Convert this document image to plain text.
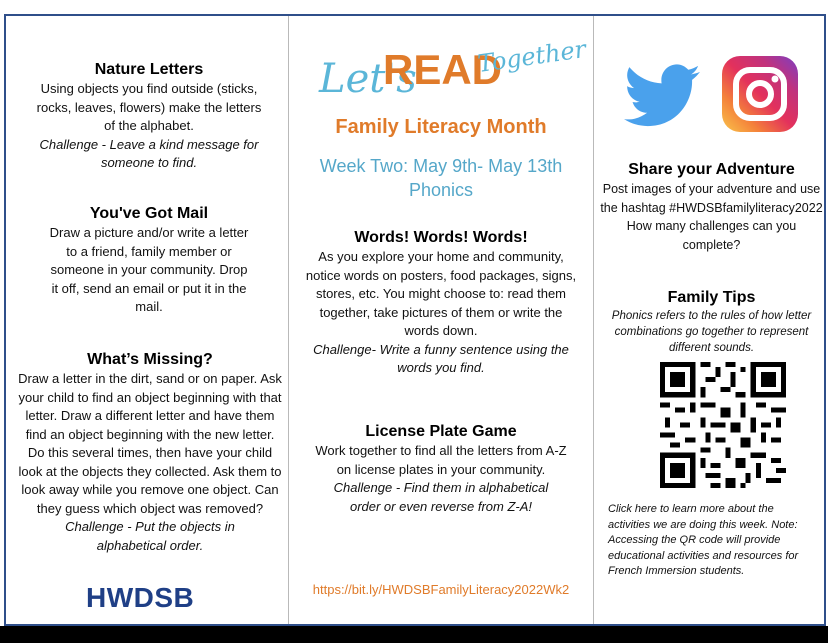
Nature Letters
Using objects you find outside (sticks, rocks, leaves, flowers) make the letters of the alphabet.
Challenge - Leave a kind message for someone to find.
You've Got Mail
Draw a picture and/or write a letter to a friend, family member or someone in your community. Drop it off, send an email or put it in the mail.
What’s Missing?
Draw a letter in the dirt, sand or on paper. Ask your child to find an object beginning with that letter. Draw a different letter and have them find an object beginning with the new letter. Do this several times, then have your child look at the objects they collected. Ask them to look away while you remove one object. Can they guess which object was removed?
Challenge - Put the objects in alphabetical order.
HWDSB
Let's
READ
Together
Family Literacy Month
Week Two: May 9th- May 13th
Phonics
Words! Words! Words!
As you explore your home and community, notice words on posters, food packages, signs, stores, etc. You might choose to: read them together, take pictures of them or write the words down.
Challenge- Write a funny sentence using the words you find.
License Plate Game
Work together to find all the letters from A-Z on license plates in your community.
Challenge - Find them in alphabetical order or even reverse from Z-A!
https://bit.ly/HWDSBFamilyLiteracy2022Wk2
Share your Adventure
Post images of your adventure and use the hashtag #HWDSBfamilyliteracy2022 How many challenges can you complete?
Family Tips
Phonics refers to the rules of how letter combinations go together to represent different sounds.
Click here to learn more about the activities we are doing this week. Note: Accessing the QR code will provide educational activities and resources for French Immersion students.
